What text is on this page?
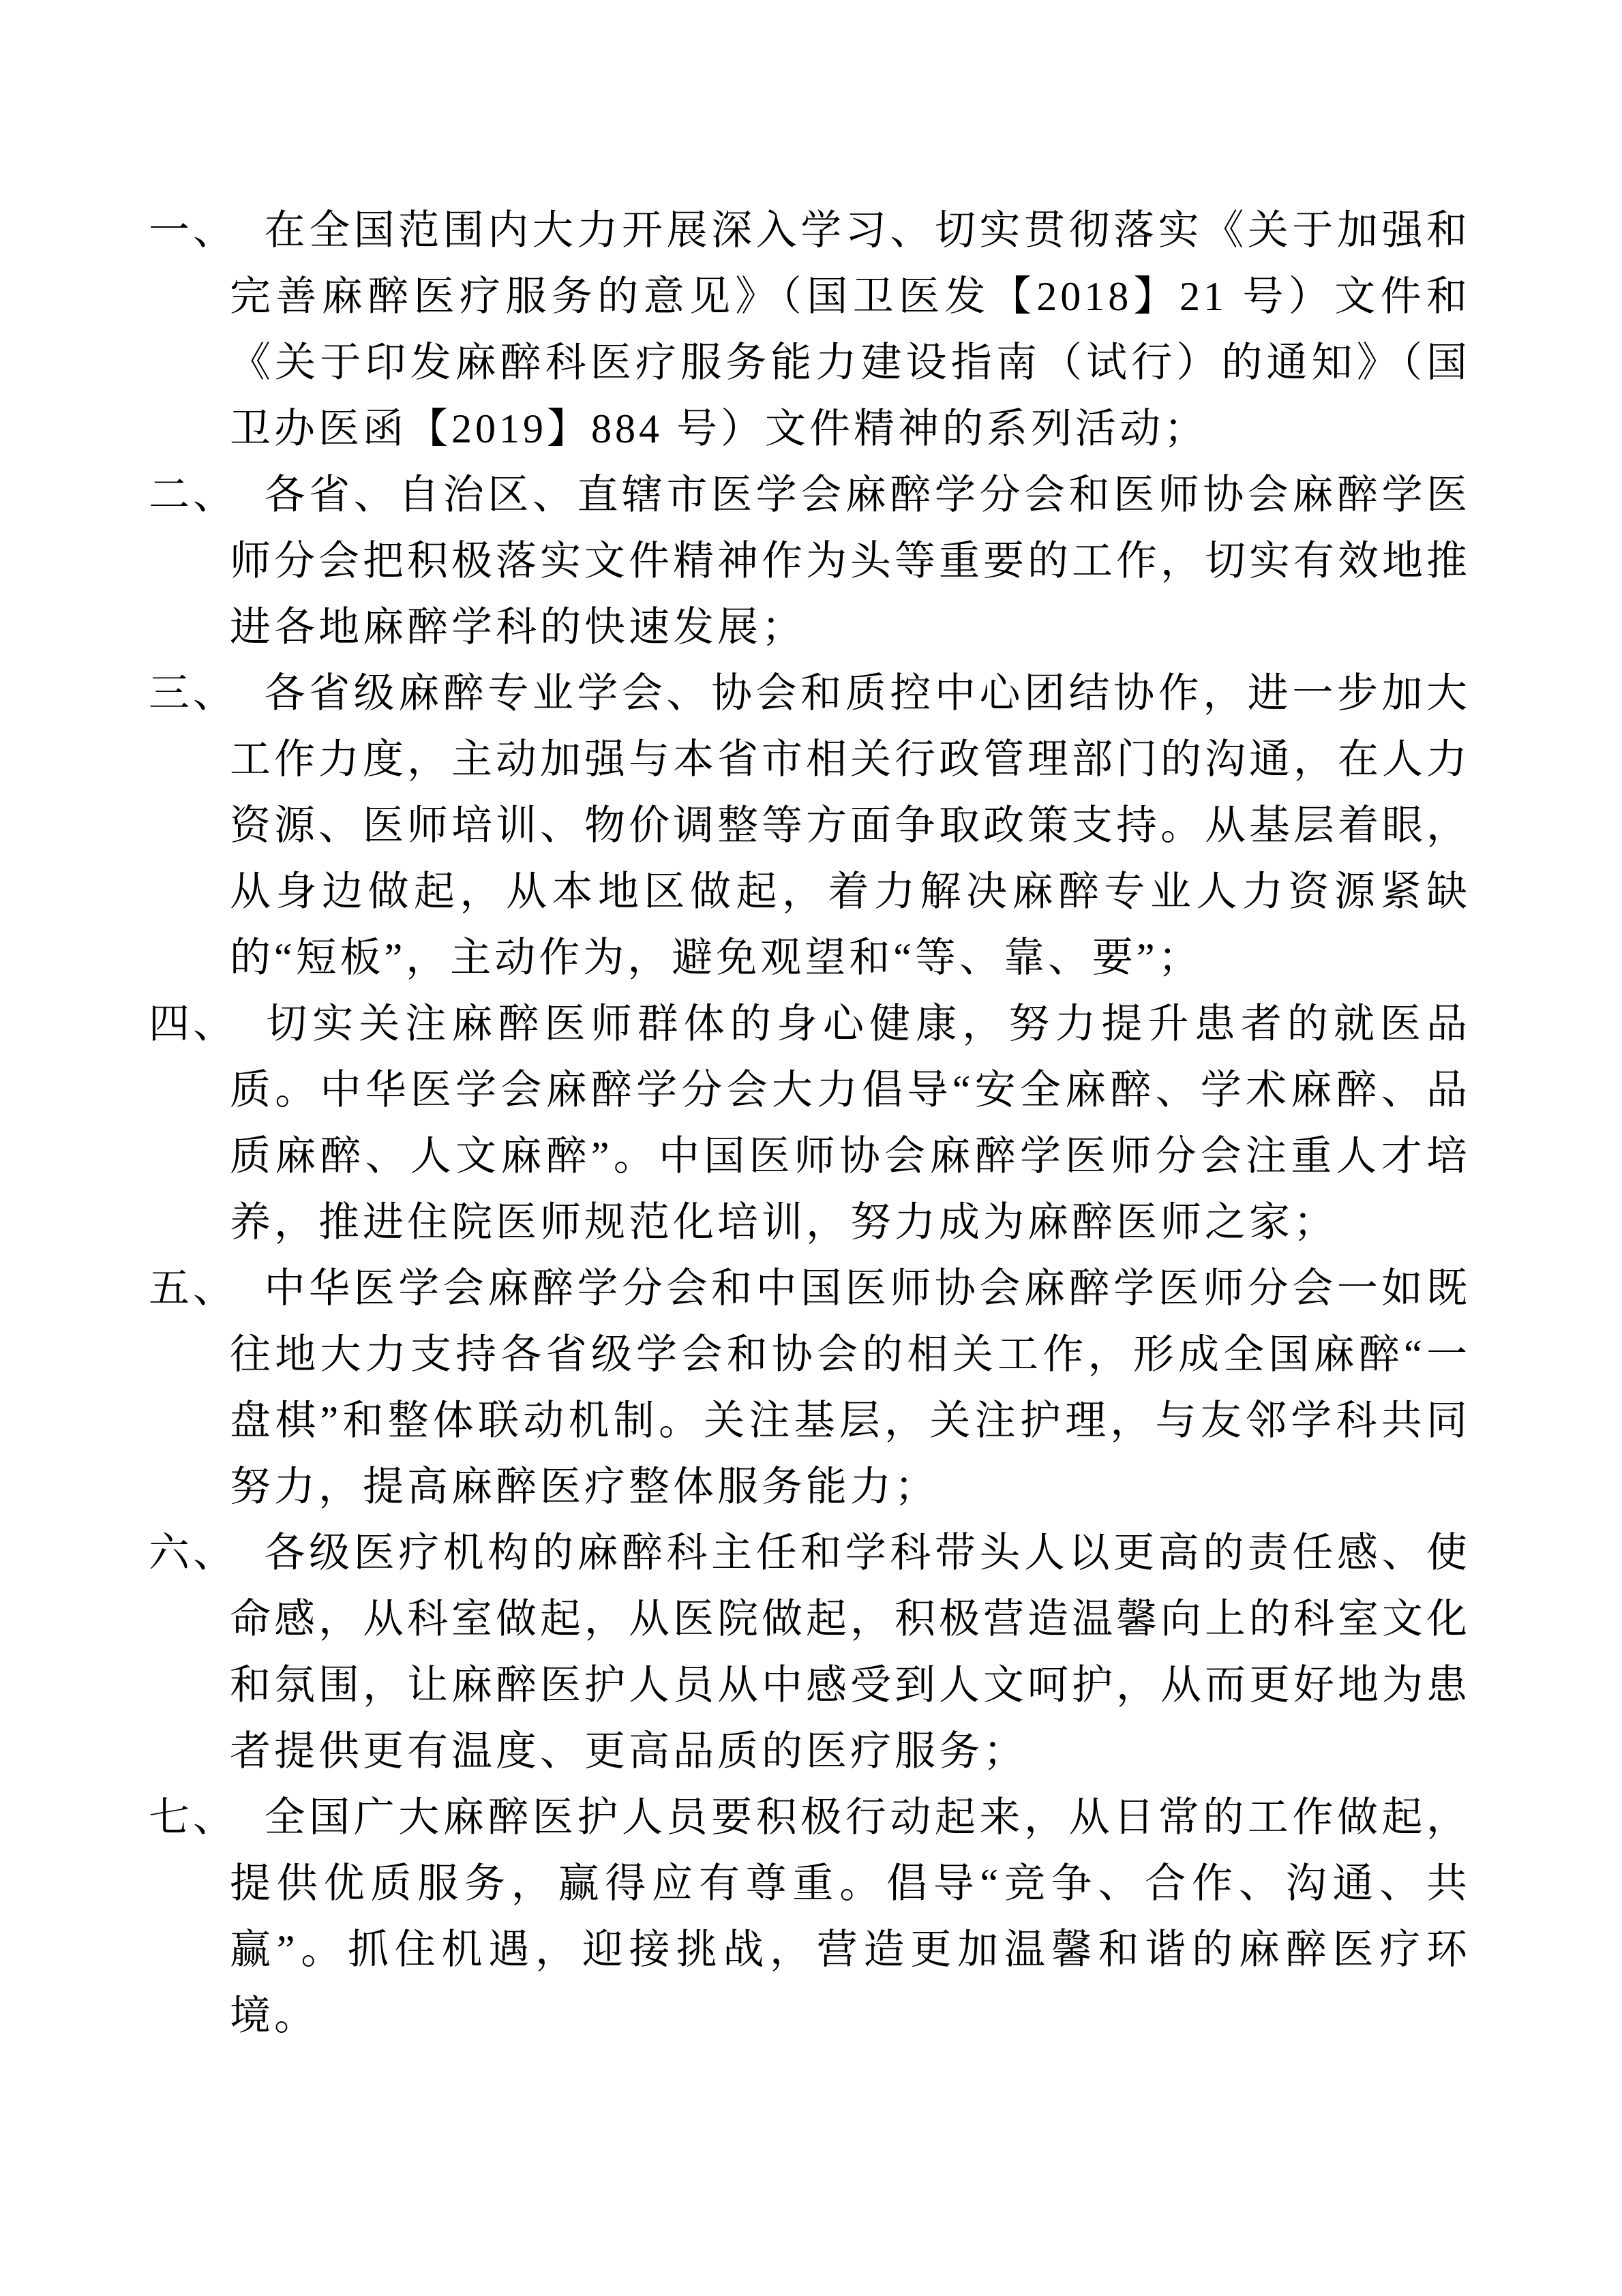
一、 在全国范围内大力开展深入学习、切实贯彻落实《关于加强和完善麻醉医疗服务的意见》（国卫医发【2018】21 号）文件和《关于印发麻醉科医疗服务能力建设指南（试行）的通知》（国卫办医函【2019】884 号）文件精神的系列活动；
二、 各省、自治区、直辖市医学会麻醉学分会和医师协会麻醉学医师分会把积极落实文件精神作为头等重要的工作，切实有效地推进各地麻醉学科的快速发展；
三、 各省级麻醉专业学会、协会和质控中心团结协作，进一步加大工作力度，主动加强与本省市相关行政管理部门的沟通，在人力资源、医师培训、物价调整等方面争取政策支持。从基层着眼，从身边做起，从本地区做起，着力解决麻醉专业人力资源紧缺的“短板”，主动作为，避免观望和“等、靠、要”；
四、 切实关注麻醉医师群体的身心健康，努力提升患者的就医品质。中华医学会麻醉学分会大力倡导“安全麻醉、学术麻醉、品质麻醉、人文麻醉”。中国医师协会麻醉学医师分会注重人才培养，推进住院医师规范化培训，努力成为麻醉医师之家；
五、 中华医学会麻醉学分会和中国医师协会麻醉学医师分会一如既往地大力支持各省级学会和协会的相关工作，形成全国麻醉“一盘棋”和整体联动机制。关注基层，关注护理，与友邻学科共同努力，提高麻醉医疗整体服务能力；
六、 各级医疗机构的麻醉科主任和学科带头人以更高的责任感、使命感，从科室做起，从医院做起，积极营造温馨向上的科室文化和氛围，让麻醉医护人员从中感受到人文呵护，从而更好地为患者提供更有温度、更高品质的医疗服务；
七、 全国广大麻醉医护人员要积极行动起来，从日常的工作做起，提供优质服务，赢得应有尊重。倡导“竞争、合作、沟通、共赢”。抓住机遇，迎接挑战，营造更加温馨和谐的麻醉医疗环境。
